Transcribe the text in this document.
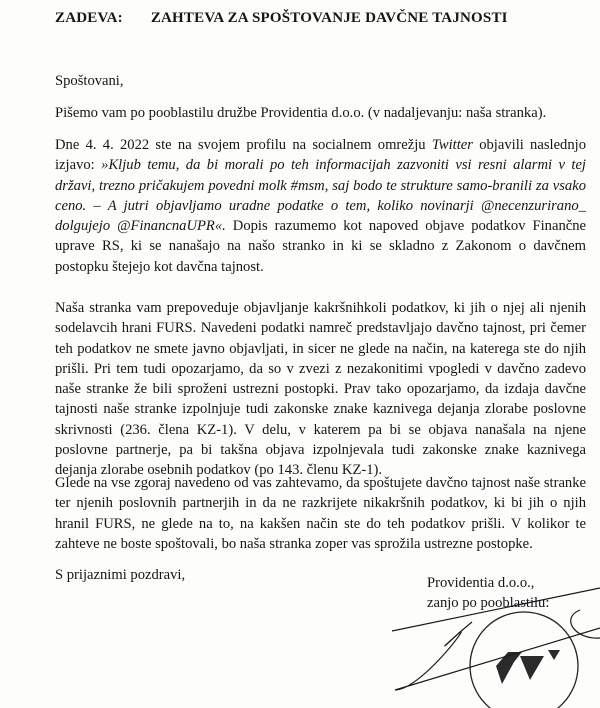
ZADEVA: ZAHTEVA ZA SPOŠTOVANJE DAVČNE TAJNOSTI

Spoštovani,

Pišemo vam po pooblastilu družbe Providentia d.o.o. (v nadaljevanju: naša stranka).

Dne 4. 4. 2022 ste na svojem profilu na socialnem omrežju Twitter objavili naslednjo izjavo: »Kljub temu, da bi morali po teh informacijah zazvoniti vsi resni alarmi v tej državi, trezno pričakujem povedni molk #msm, saj bodo te strukture samo-branili za vsako ceno. – A jutri objavljamo uradne podatke o tem, koliko novinarji @necenzurirano_ dolgujejo @FinancnaUPR«. Dopis razumemo kot napoved objave podatkov Finančne uprave RS, ki se nanašajo na našo stranko in ki se skladno z Zakonom o davčnem postopku štejejo kot davčna tajnost.

Naša stranka vam prepoveduje objavljanje kakršnihkoli podatkov, ki jih o njej ali njenih sodelavcih hrani FURS. Navedeni podatki namreč predstavljajo davčno tajnost, pri čemer teh podatkov ne smete javno objavljati, in sicer ne glede na način, na katerega ste do njih prišli. Pri tem tudi opozarjamo, da so v zvezi z nezakonitimi vpogledi v davčno zadevo naše stranke že bili sproženi ustrezni postopki. Prav tako opozarjamo, da izdaja davčne tajnosti naše stranke izpolnjuje tudi zakonske znake kaznivega dejanja zlorabe poslovne skrivnosti (236. člena KZ-1). V delu, v katerem pa bi se objava nanašala na njene poslovne partnerje, pa bi takšna objava izpolnjevala tudi zakonske znake kaznivega dejanja zlorabe osebnih podatkov (po 143. členu KZ-1).

Glede na vse zgoraj navedeno od vas zahtevamo, da spoštujete davčno tajnost naše stranke ter njenih poslovnih partnerjih in da ne razkrijete nikakršnih podatkov, ki bi jih o njih hranil FURS, ne glede na to, na kakšen način ste do teh podatkov prišli. V kolikor te zahteve ne boste spoštovali, bo naša stranka zoper vas sprožila ustrezne postopke.

S prijaznimi pozdravi,	Providentia d.o.o.,
zanjo po pooblastilu:
